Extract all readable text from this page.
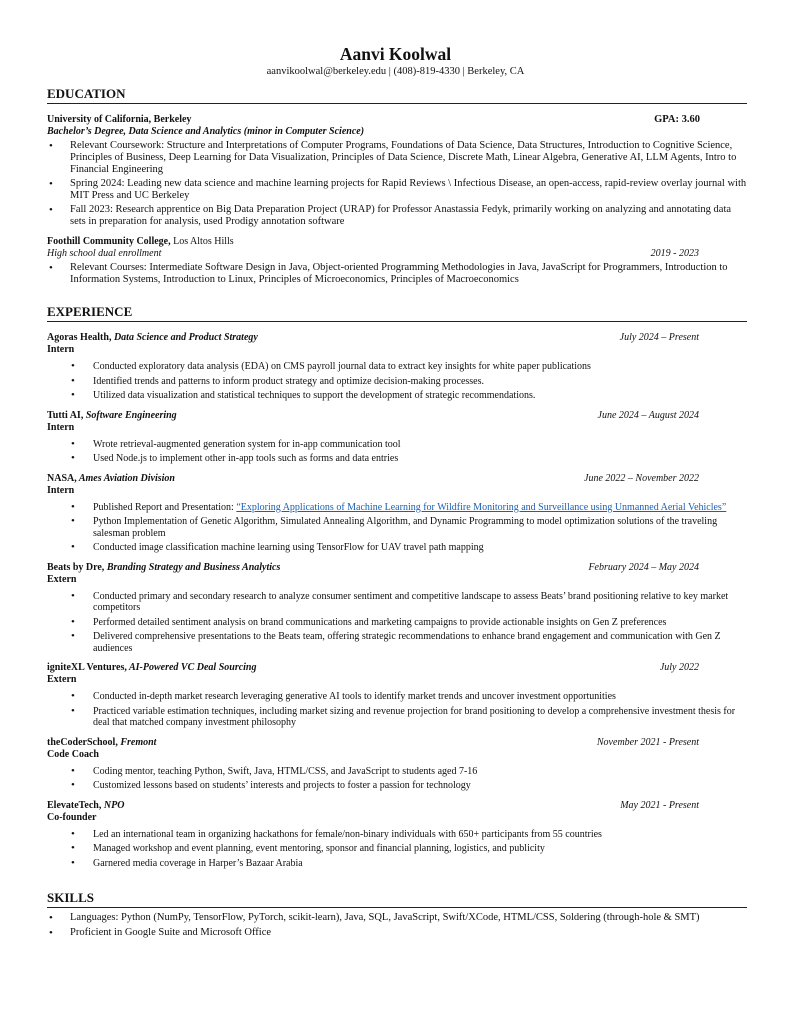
Aanvi Koolwal
aanvikoolwal@berkeley.edu | (408)-819-4330 | Berkeley, CA
EDUCATION
University of California, Berkeley	GPA: 3.60
Bachelor’s Degree, Data Science and Analytics (minor in Computer Science)
• Relevant Coursework: Structure and Interpretations of Computer Programs, Foundations of Data Science, Data Structures, Introduction to Cognitive Science, Principles of Business, Deep Learning for Data Visualization, Principles of Data Science, Discrete Math, Linear Algebra, Generative AI, LLM Agents, Intro to Financial Engineering
• Spring 2024: Leading new data science and machine learning projects for Rapid Reviews \ Infectious Disease, an open-access, rapid-review overlay journal with MIT Press and UC Berkeley
• Fall 2023: Research apprentice on Big Data Preparation Project (URAP) for Professor Anastassia Fedyk, primarily working on analyzing and annotating data sets in preparation for analysis, used Prodigy annotation software
Foothill Community College, Los Altos Hills
High school dual enrollment	2019 - 2023
• Relevant Courses: Intermediate Software Design in Java, Object-oriented Programming Methodologies in Java, JavaScript for Programmers, Introduction to Information Systems, Introduction to Linux, Principles of Microeconomics, Principles of Macroeconomics
EXPERIENCE
Agoras Health, Data Science and Product Strategy	July 2024 – Present
Intern
• Conducted exploratory data analysis (EDA) on CMS payroll journal data to extract key insights for white paper publications
• Identified trends and patterns to inform product strategy and optimize decision-making processes.
• Utilized data visualization and statistical techniques to support the development of strategic recommendations.
Tutti AI, Software Engineering	June 2024 – August 2024
Intern
• Wrote retrieval-augmented generation system for in-app communication tool
• Used Node.js to implement other in-app tools such as forms and data entries
NASA, Ames Aviation Division	June 2022 – November 2022
Intern
• Published Report and Presentation: “Exploring Applications of Machine Learning for Wildfire Monitoring and Surveillance using Unmanned Aerial Vehicles”
• Python Implementation of Genetic Algorithm, Simulated Annealing Algorithm, and Dynamic Programming to model optimization solutions of the traveling salesman problem
• Conducted image classification machine learning using TensorFlow for UAV travel path mapping
Beats by Dre, Branding Strategy and Business Analytics	February 2024 – May 2024
Extern
• Conducted primary and secondary research to analyze consumer sentiment and competitive landscape to assess Beats’ brand positioning relative to key market competitors
• Performed detailed sentiment analysis on brand communications and marketing campaigns to provide actionable insights on Gen Z preferences
• Delivered comprehensive presentations to the Beats team, offering strategic recommendations to enhance brand engagement and communication with Gen Z audiences
igniteXL Ventures, AI-Powered VC Deal Sourcing	July 2022
Extern
• Conducted in-depth market research leveraging generative AI tools to identify market trends and uncover investment opportunities
• Practiced variable estimation techniques, including market sizing and revenue projection for brand positioning to develop a comprehensive investment thesis for deal that matched company investment philosophy
theCoderSchool, Fremont	November 2021 - Present
Code Coach
• Coding mentor, teaching Python, Swift, Java, HTML/CSS, and JavaScript to students aged 7-16
• Customized lessons based on students’ interests and projects to foster a passion for technology
ElevateTech, NPO	May 2021 - Present
Co-founder
• Led an international team in organizing hackathons for female/non-binary individuals with 650+ participants from 55 countries
• Managed workshop and event planning, event mentoring, sponsor and financial planning, logistics, and publicity
• Garnered media coverage in Harper’s Bazaar Arabia
SKILLS
• Languages: Python (NumPy, TensorFlow, PyTorch, scikit-learn), Java, SQL, JavaScript, Swift/XCode, HTML/CSS, Soldering (through-hole & SMT)
• Proficient in Google Suite and Microsoft Office
